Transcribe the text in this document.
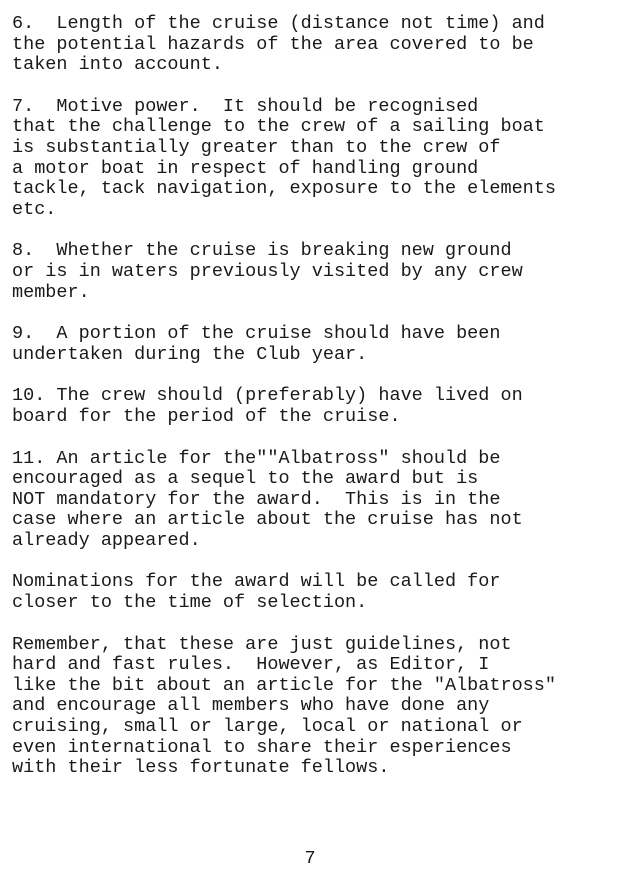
6.  Length of the cruise (distance not time) and
the potential hazards of the area covered to be
taken into account.
7.  Motive power.  It should be recognised
that the challenge to the crew of a sailing boat
is substantially greater than to the crew of
a motor boat in respect of handling ground
tackle, tack navigation, exposure to the elements
etc.
8.  Whether the cruise is breaking new ground
or is in waters previously visited by any crew
member.
9.  A portion of the cruise should have been
undertaken during the Club year.
10. The crew should (preferably) have lived on
board for the period of the cruise.
11. An article for the""Albatross" should be
encouraged as a sequel to the award but is
NOT mandatory for the award.  This is in the
case where an article about the cruise has not
already appeared.
Nominations for the award will be called for
closer to the time of selection.
Remember, that these are just guidelines, not
hard and fast rules.  However, as Editor, I
like the bit about an article for the "Albatross"
and encourage all members who have done any
cruising, small or large, local or national or
even international to share their esperiences
with their less fortunate fellows.
7
